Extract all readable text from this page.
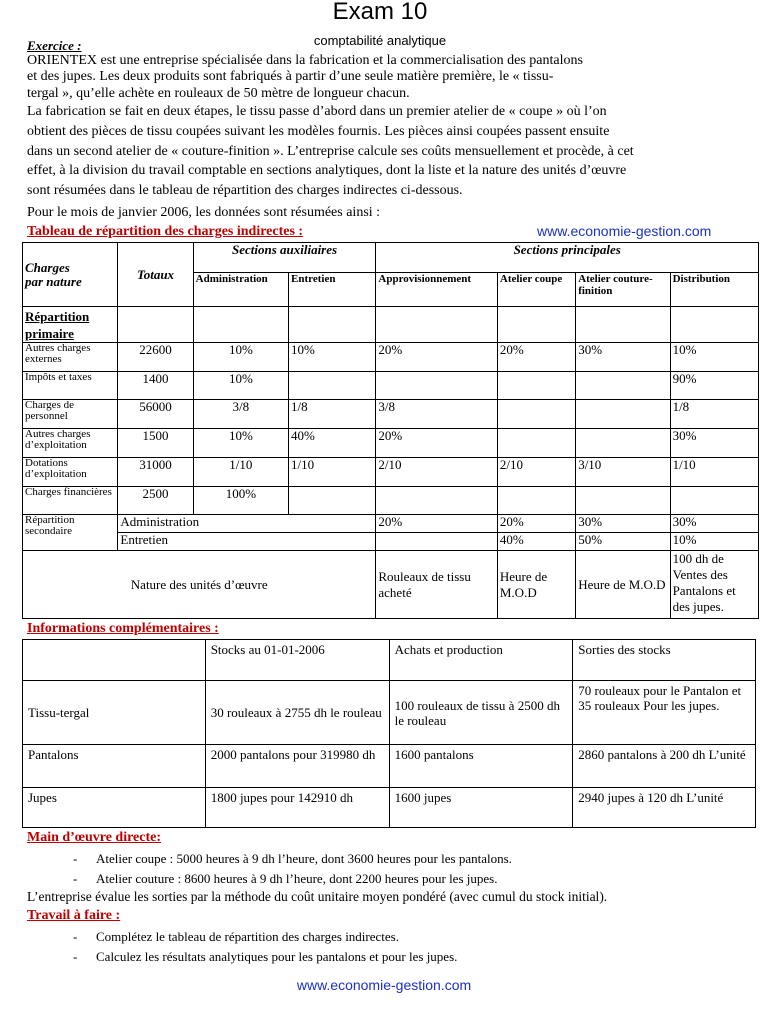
Exam 10
comptabilité analytique
Exercice :
ORIENTEX est une entreprise spécialisée dans la fabrication et la commercialisation des pantalons
et des jupes. Les deux produits sont fabriqués à partir d’une seule matière première, le « tissu-
tergal », qu’elle achète en rouleaux de 50 mètre de longueur chacun.
La fabrication se fait en deux étapes, le tissu passe d’abord dans un premier atelier de « coupe » où l’on
obtient des pièces de tissu coupées suivant les modèles fournis. Les pièces ainsi coupées passent ensuite
dans un second atelier de « couture-finition ». L’entreprise calcule ses coûts mensuellement et procède, à cet
effet, à la division du travail comptable en sections analytiques, dont la liste et la nature des unités d’œuvre
sont résumées dans le tableau de répartition des charges indirectes ci-dessous.
Pour le mois de janvier 2006, les données sont résumées ainsi :
Tableau de répartition des charges indirectes :	www.economie-gestion.com
Charges
par nature	Totaux	Sections auxiliaires		Sections principales			
		Administration	Entretien	Approvisionnement	Atelier coupe	Atelier couture-finition	Distribution
Répartition primaire							
Autres charges externes	22600	10%	10%	20%	20%	30%	10%
Impôts et taxes	1400	10%					90%
Charges de personnel	56000	3/8	1/8	3/8			1/8
Autres charges d’exploitation	1500	10%	40%	20%			30%
Dotations d’exploitation	31000	1/10	1/10	2/10	2/10	3/10	1/10
Charges financières	2500	100%					
Répartition secondaire	Administration			20%	20%	30%	30%
	Entretien				40%	50%	10%
Nature des unités d’œuvre				Rouleaux de tissu acheté	Heure de M.O.D	Heure de M.O.D	100 dh de Ventes des Pantalons et des jupes.
Informations complémentaires :
	Stocks au 01-01-2006	Achats et production	Sorties des stocks
Tissu-tergal	30 rouleaux à 2755 dh le rouleau	100 rouleaux de tissu à 2500 dh le rouleau	70 rouleaux pour le Pantalon et 35 rouleaux Pour les jupes.
Pantalons	2000 pantalons pour 319980 dh	1600 pantalons	2860 pantalons à 200 dh L’unité
Jupes	1800 jupes pour 142910 dh	1600 jupes	2940 jupes à 120 dh L’unité
Main d’œuvre directe:
- Atelier coupe : 5000 heures à 9 dh l’heure, dont 3600 heures pour les pantalons.
- Atelier couture : 8600 heures à 9 dh l’heure, dont 2200 heures pour les jupes.
L’entreprise évalue les sorties par la méthode du coût unitaire moyen pondéré (avec cumul du stock initial).
Travail à faire :
- Complétez le tableau de répartition des charges indirectes.
- Calculez les résultats analytiques pour les pantalons et pour les jupes.
www.economie-gestion.com
